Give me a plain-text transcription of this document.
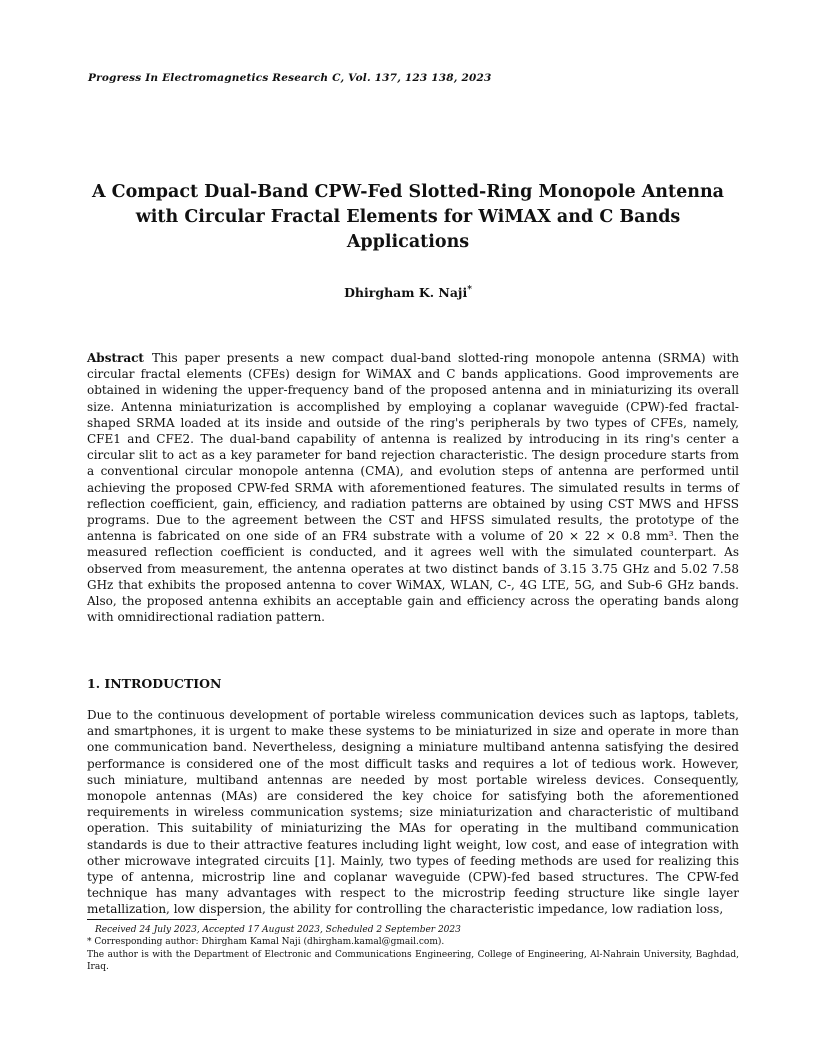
Progress In Electromagnetics Research C, Vol. 137, 123 138, 2023
A Compact Dual-Band CPW-Fed Slotted-Ring Monopole Antenna
with Circular Fractal Elements for WiMAX and C Bands
Applications
Dhirgham K. Naji*
Abstract This paper presents a new compact dual-band slotted-ring monopole antenna (SRMA) with circular fractal elements (CFEs) design for WiMAX and C bands applications. Good improvements are obtained in widening the upper-frequency band of the proposed antenna and in miniaturizing its overall size. Antenna miniaturization is accomplished by employing a coplanar waveguide (CPW)-fed fractal-shaped SRMA loaded at its inside and outside of the ring's peripherals by two types of CFEs, namely, CFE1 and CFE2. The dual-band capability of antenna is realized by introducing in its ring's center a circular slit to act as a key parameter for band rejection characteristic. The design procedure starts from a conventional circular monopole antenna (CMA), and evolution steps of antenna are performed until achieving the proposed CPW-fed SRMA with aforementioned features. The simulated results in terms of reflection coefficient, gain, efficiency, and radiation patterns are obtained by using CST MWS and HFSS programs. Due to the agreement between the CST and HFSS simulated results, the prototype of the antenna is fabricated on one side of an FR4 substrate with a volume of 20 × 22 × 0.8 mm³. Then the measured reflection coefficient is conducted, and it agrees well with the simulated counterpart. As observed from measurement, the antenna operates at two distinct bands of 3.15 3.75 GHz and 5.02 7.58 GHz that exhibits the proposed antenna to cover WiMAX, WLAN, C-, 4G LTE, 5G, and Sub-6 GHz bands. Also, the proposed antenna exhibits an acceptable gain and efficiency across the operating bands along with omnidirectional radiation pattern.
1. INTRODUCTION
Due to the continuous development of portable wireless communication devices such as laptops, tablets, and smartphones, it is urgent to make these systems to be miniaturized in size and operate in more than one communication band. Nevertheless, designing a miniature multiband antenna satisfying the desired performance is considered one of the most difficult tasks and requires a lot of tedious work. However, such miniature, multiband antennas are needed by most portable wireless devices. Consequently, monopole antennas (MAs) are considered the key choice for satisfying both the aforementioned requirements in wireless communication systems; size miniaturization and characteristic of multiband operation. This suitability of miniaturizing the MAs for operating in the multiband communication standards is due to their attractive features including light weight, low cost, and ease of integration with other microwave integrated circuits [1]. Mainly, two types of feeding methods are used for realizing this type of antenna, microstrip line and coplanar waveguide (CPW)-fed based structures. The CPW-fed technique has many advantages with respect to the microstrip feeding structure like single layer metallization, low dispersion, the ability for controlling the characteristic impedance, low radiation loss,
Received 24 July 2023, Accepted 17 August 2023, Scheduled 2 September 2023
* Corresponding author: Dhirgham Kamal Naji (dhirgham.kamal@gmail.com).
The author is with the Department of Electronic and Communications Engineering, College of Engineering, Al-Nahrain University, Baghdad, Iraq.
